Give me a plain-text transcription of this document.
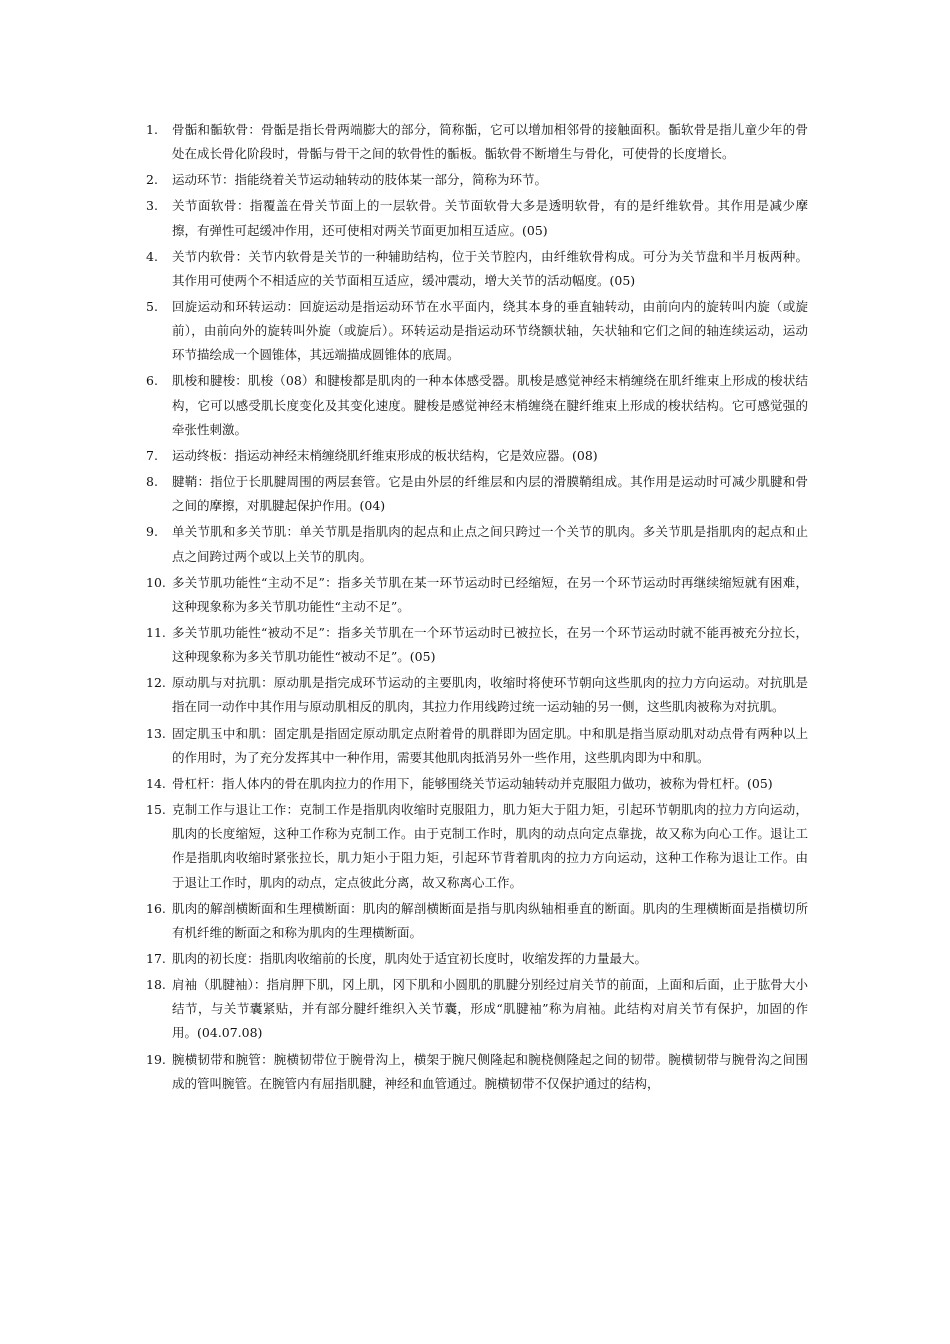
1.	骨骺和骺软骨：骨骺是指长骨两端膨大的部分，简称骺，它可以增加相邻骨的接触面积。骺软骨是指儿童少年的骨处在成长骨化阶段时，骨骺与骨干之间的软骨性的骺板。骺软骨不断增生与骨化，可使骨的长度增长。
2.	运动环节：指能绕着关节运动轴转动的肢体某一部分，简称为环节。
3.	关节面软骨：指覆盖在骨关节面上的一层软骨。关节面软骨大多是透明软骨，有的是纤维软骨。其作用是减少摩擦，有弹性可起缓冲作用，还可使相对两关节面更加相互适应。(05)
4.	关节内软骨：关节内软骨是关节的一种辅助结构，位于关节腔内，由纤维软骨构成。可分为关节盘和半月板两种。其作用可使两个不相适应的关节面相互适应，缓冲震动，增大关节的活动幅度。(05)
5.	回旋运动和环转运动：回旋运动是指运动环节在水平面内，绕其本身的垂直轴转动，由前向内的旋转叫内旋（或旋前），由前向外的旋转叫外旋（或旋后）。环转运动是指运动环节绕额状轴，矢状轴和它们之间的轴连续运动，运动环节描绘成一个圆锥体，其远端描成圆锥体的底周。
6.	肌梭和腱梭：肌梭（08）和腱梭都是肌肉的一种本体感受器。肌梭是感觉神经末梢缠绕在肌纤维束上形成的梭状结构，它可以感受肌长度变化及其变化速度。腱梭是感觉神经末梢缠绕在腱纤维束上形成的梭状结构。它可感觉强的牵张性刺激。
7.	运动终板：指运动神经末梢缠绕肌纤维束形成的板状结构，它是效应器。(08)
8.	腱鞘：指位于长肌腱周围的两层套管。它是由外层的纤维层和内层的滑膜鞘组成。其作用是运动时可减少肌腱和骨之间的摩擦，对肌腱起保护作用。(04)
9.	单关节肌和多关节肌：单关节肌是指肌肉的起点和止点之间只跨过一个关节的肌肉。多关节肌是指肌肉的起点和止点之间跨过两个或以上关节的肌肉。
10. 多关节肌功能性“主动不足”：指多关节肌在某一环节运动时已经缩短，在另一个环节运动时再继续缩短就有困难，这种现象称为多关节肌功能性“主动不足”。
11. 多关节肌功能性“被动不足”：指多关节肌在一个环节运动时已被拉长，在另一个环节运动时就不能再被充分拉长，这种现象称为多关节肌功能性“被动不足”。(05)
12. 原动肌与对抗肌：原动肌是指完成环节运动的主要肌肉，收缩时将使环节朝向这些肌肉的拉力方向运动。对抗肌是指在同一动作中其作用与原动肌相反的肌肉，其拉力作用线跨过统一运动轴的另一侧，这些肌肉被称为对抗肌。
13. 固定肌玉中和肌：固定肌是指固定原动肌定点附着骨的肌群即为固定肌。中和肌是指当原动肌对动点骨有两种以上的作用时，为了充分发挥其中一种作用，需要其他肌肉抵消另外一些作用，这些肌肉即为中和肌。
14. 骨杠杆：指人体内的骨在肌肉拉力的作用下，能够围绕关节运动轴转动并克服阻力做功，被称为骨杠杆。(05)
15. 克制工作与退让工作：克制工作是指肌肉收缩时克服阻力，肌力矩大于阻力矩，引起环节朝肌肉的拉力方向运动，肌肉的长度缩短，这种工作称为克制工作。由于克制工作时，肌肉的动点向定点靠拢，故又称为向心工作。退让工作是指肌肉收缩时紧张拉长，肌力矩小于阻力矩，引起环节背着肌肉的拉力方向运动，这种工作称为退让工作。由于退让工作时，肌肉的动点，定点彼此分离，故又称离心工作。
16. 肌肉的解剖横断面和生理横断面：肌肉的解剖横断面是指与肌肉纵轴相垂直的断面。肌肉的生理横断面是指横切所有机纤维的断面之和称为肌肉的生理横断面。
17. 肌肉的初长度：指肌肉收缩前的长度，肌肉处于适宜初长度时，收缩发挥的力量最大。
18. 肩袖（肌腱袖）：指肩胛下肌，冈上肌，冈下肌和小圆肌的肌腱分别经过肩关节的前面，上面和后面，止于肱骨大小结节，与关节囊紧贴，并有部分腱纤维织入关节囊，形成“肌腱袖”称为肩袖。此结构对肩关节有保护，加固的作用。(04.07.08)
19. 腕横韧带和腕管：腕横韧带位于腕骨沟上，横架于腕尺侧隆起和腕桡侧隆起之间的韧带。腕横韧带与腕骨沟之间围成的管叫腕管。在腕管内有屈指肌腱，神经和血管通过。腕横韧带不仅保护通过的结构，
